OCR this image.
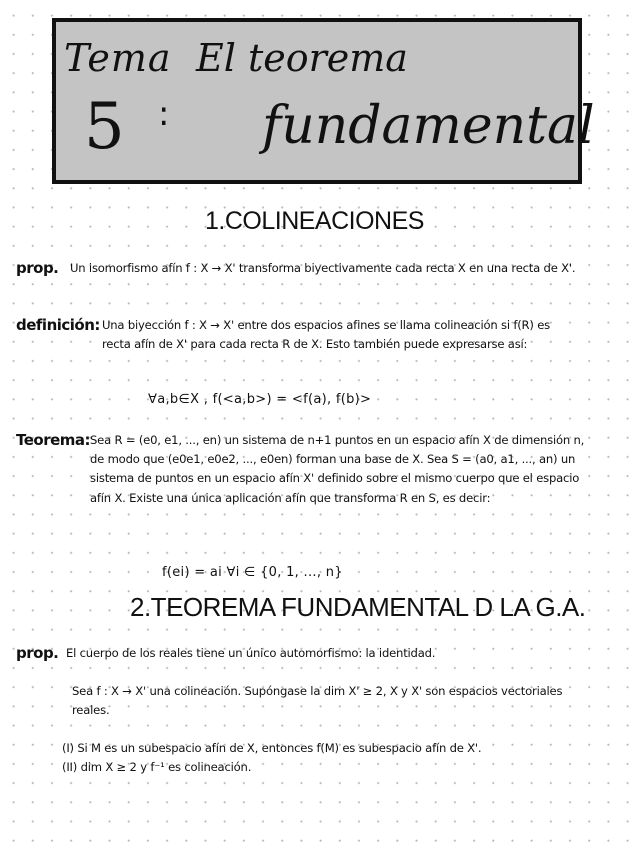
Tema
5 :
El teorema
fundamental
1.COLINEACIONES
prop. Un isomorfismo afín f : X → X' transforma biyectivamente cada recta X en una recta de X'.
definición: Una biyección f : X → X' entre dos espacios afines se llama colineación si f(R) es recta afín de X' para cada recta R de X. Esto también puede expresarse así:
∀a,b∈X , f(<a,b>) = <f(a), f(b)>
Teorema: Sea R = (e0, e1, ..., en) un sistema de n+1 puntos en un espacio afín X de dimensión n, de modo que (e0e1, e0e2, ..., e0en) forman una base de X. Sea S = (a0, a1, ..., an) un sistema de puntos en un espacio afín X' definido sobre el mismo cuerpo que el espacio afín X. Existe una única aplicación afín que transforma R en S, es decir:
f(ei) = ai ∀i ∈ {0, 1, ..., n}
2.TEOREMA FUNDAMENTAL D LA G.A.
prop. El cuerpo de los reales tiene un único automorfismo: la identidad.
Sea f : X → X' una colineación. Supóngase la dim X' ≥ 2, X y X' son espacios vectoriales reales.
(I) Si M es un subespacio afín de X, entonces f(M) es subespacio afín de X'.
(II) dim X ≥ 2 y f⁻¹ es colineación.
